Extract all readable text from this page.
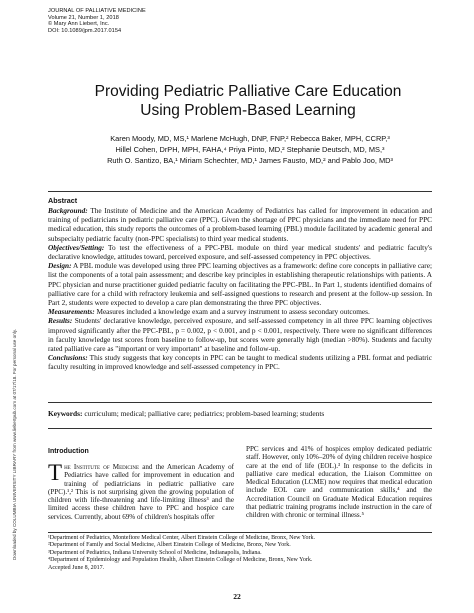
JOURNAL OF PALLIATIVE MEDICINE
Volume 21, Number 1, 2018
© Mary Ann Liebert, Inc.
DOI: 10.1089/jpm.2017.0154
Downloaded by COLUMBIA UNIVERSITY LIBRARY from www.liebertpub.com at 07/17/18. For personal use only.
Providing Pediatric Palliative Care Education
Using Problem-Based Learning
Karen Moody, MD, MS,¹ Marlene McHugh, DNP, FNP,² Rebecca Baker, MPH, CCRP,³
Hillel Cohen, DrPH, MPH, FAHA,⁴ Priya Pinto, MD,² Stephanie Deutsch, MD, MS,³
Ruth O. Santizo, BA,¹ Miriam Schechter, MD,¹ James Fausto, MD,² and Pablo Joo, MD³
Abstract

Background: The Institute of Medicine and the American Academy of Pediatrics has called for improvement in education and training of pediatricians in pediatric palliative care (PPC). Given the shortage of PPC physicians and the immediate need for PPC medical education, this study reports the outcomes of a problem-based learning (PBL) module facilitated by academic general and subspecialty pediatric faculty (non-PPC specialists) to third year medical students.

Objectives/Setting: To test the effectiveness of a PPC-PBL module on third year medical students' and pediatric faculty's declarative knowledge, attitudes toward, perceived exposure, and self-assessed competency in PPC objectives.

Design: A PBL module was developed using three PPC learning objectives as a framework: define core concepts in palliative care; list the components of a total pain assessment; and describe key principles in establishing therapeutic relationships with patients. A PPC physician and nurse practitioner guided pediatric faculty on facilitating the PPC-PBL. In Part 1, students identified domains of palliative care for a child with refractory leukemia and self-assigned questions to research and present at the follow-up session. In Part 2, students were expected to develop a care plan demonstrating the three PPC objectives.

Measurements: Measures included a knowledge exam and a survey instrument to assess secondary outcomes.

Results: Students' declarative knowledge, perceived exposure, and self-assessed competency in all three PPC learning objectives improved significantly after the PPC-PBL, p = 0.002, p < 0.001, and p < 0.001, respectively. There were no significant differences in faculty knowledge test scores from baseline to follow-up, but scores were generally high (median >80%). Students and faculty rated palliative care as "important or very important" at baseline and follow-up.

Conclusions: This study suggests that key concepts in PPC can be taught to medical students utilizing a PBL format and pediatric faculty resulting in improved knowledge and self-assessed competency in PPC.

Keywords: curriculum; medical; palliative care; pediatrics; problem-based learning; students
Introduction

The Institute of Medicine and the American Academy of Pediatrics have called for improvement in education and training of pediatricians in pediatric palliative care (PPC).¹,² This is not surprising given the growing population of children with life-threatening and life-limiting illness³ and the limited access these children have to PPC and hospice care services. Currently, about 69% of children's hospitals offer

PPC services and 41% of hospices employ dedicated pediatric staff. However, only 10%–20% of dying children receive hospice care at the end of life (EOL).³ In response to the deficits in palliative care medical education, the Liaison Committee on Medical Education (LCME) now requires that medical education include EOL care and communication skills,⁴ and the Accreditation Council on Graduate Medical Education requires that pediatric training programs include instruction in the care of children with chronic or terminal illness.⁵

¹Department of Pediatrics, Montefiore Medical Center, Albert Einstein College of Medicine, Bronx, New York.
²Department of Family and Social Medicine, Albert Einstein College of Medicine, Bronx, New York.
³Department of Pediatrics, Indiana University School of Medicine, Indianapolis, Indiana.
⁴Department of Epidemiology and Population Health, Albert Einstein College of Medicine, Bronx, New York.
Accepted June 8, 2017.
22
